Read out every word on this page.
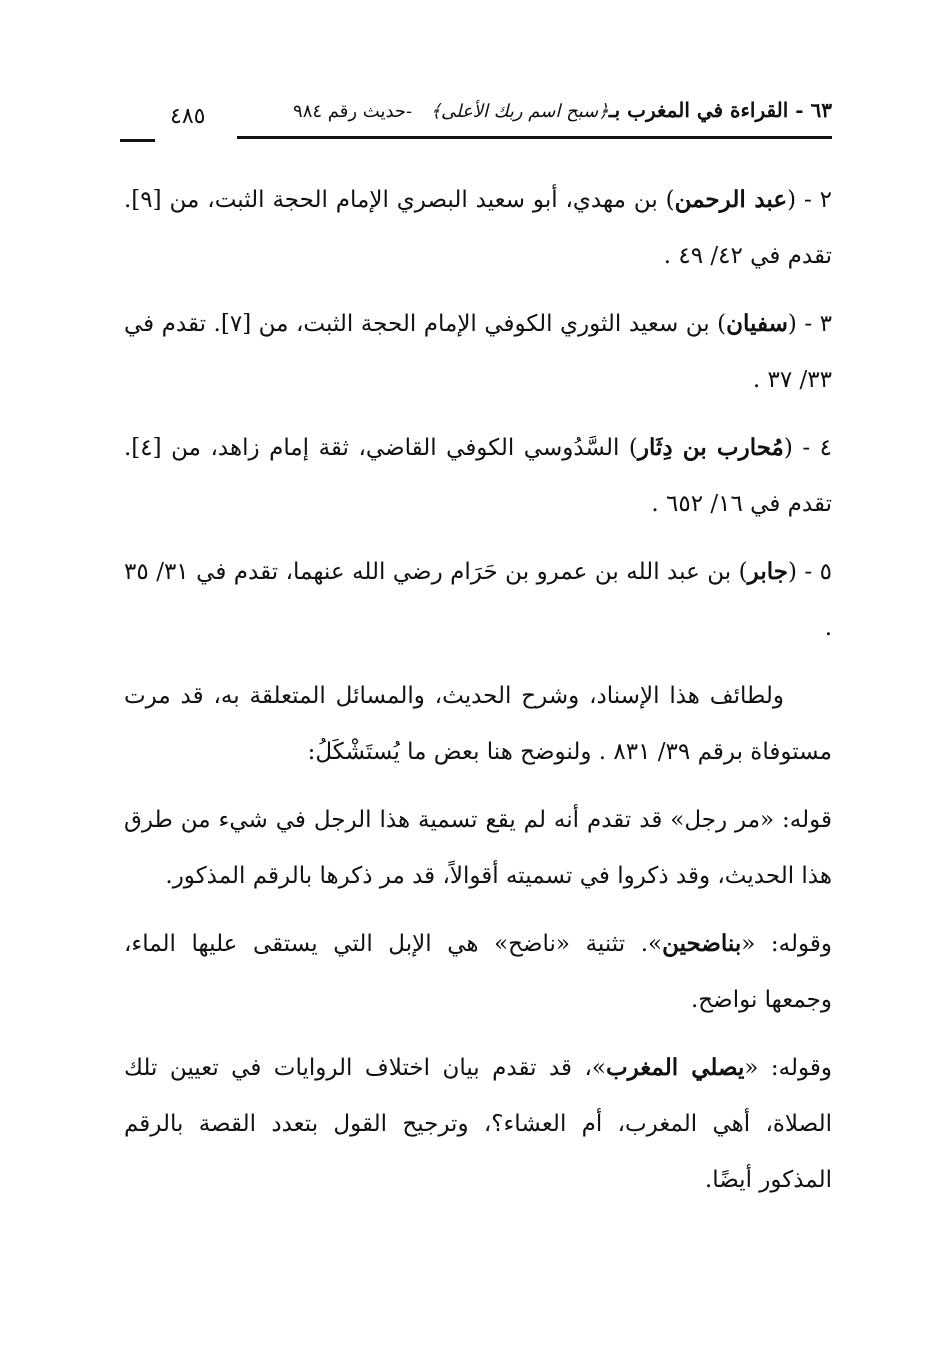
٦٣ - القراءة في المغرب بـ﴿سبح اسم ربك الأعلى﴾ -حديث رقم ٩٨٤
٤٨٥

٢ - (عبد الرحمن) بن مهدي، أبو سعيد البصري الإمام الحجة الثبت، من [٩]. تقدم في ٤٢/ ٤٩ .

٣ - (سفيان) بن سعيد الثوري الكوفي الإمام الحجة الثبت، من [٧]. تقدم في ٣٣/ ٣٧ .

٤ - (مُحارب بن دِثَار) السَّدُوسي الكوفي القاضي، ثقة إمام زاهد، من [٤]. تقدم في ١٦/ ٦٥٢ .

٥ - (جابر) بن عبد الله بن عمرو بن حَرَام رضي الله عنهما، تقدم في ٣١/ ٣٥ .

ولطائف هذا الإسناد، وشرح الحديث، والمسائل المتعلقة به، قد مرت مستوفاة برقم ٣٩/ ٨٣١ . ولنوضح هنا بعض ما يُستَشْكَلُ:

قوله: «مر رجل» قد تقدم أنه لم يقع تسمية هذا الرجل في شيء من طرق هذا الحديث، وقد ذكروا في تسميته أقوالاً، قد مر ذكرها بالرقم المذكور.

وقوله: «بناضحين». تثنية «ناضح» هي الإبل التي يستقى عليها الماء، وجمعها نواضح.

وقوله: «يصلي المغرب»، قد تقدم بيان اختلاف الروايات في تعيين تلك الصلاة، أهي المغرب، أم العشاء؟، وترجيح القول بتعدد القصة بالرقم المذكور أيضًا.
